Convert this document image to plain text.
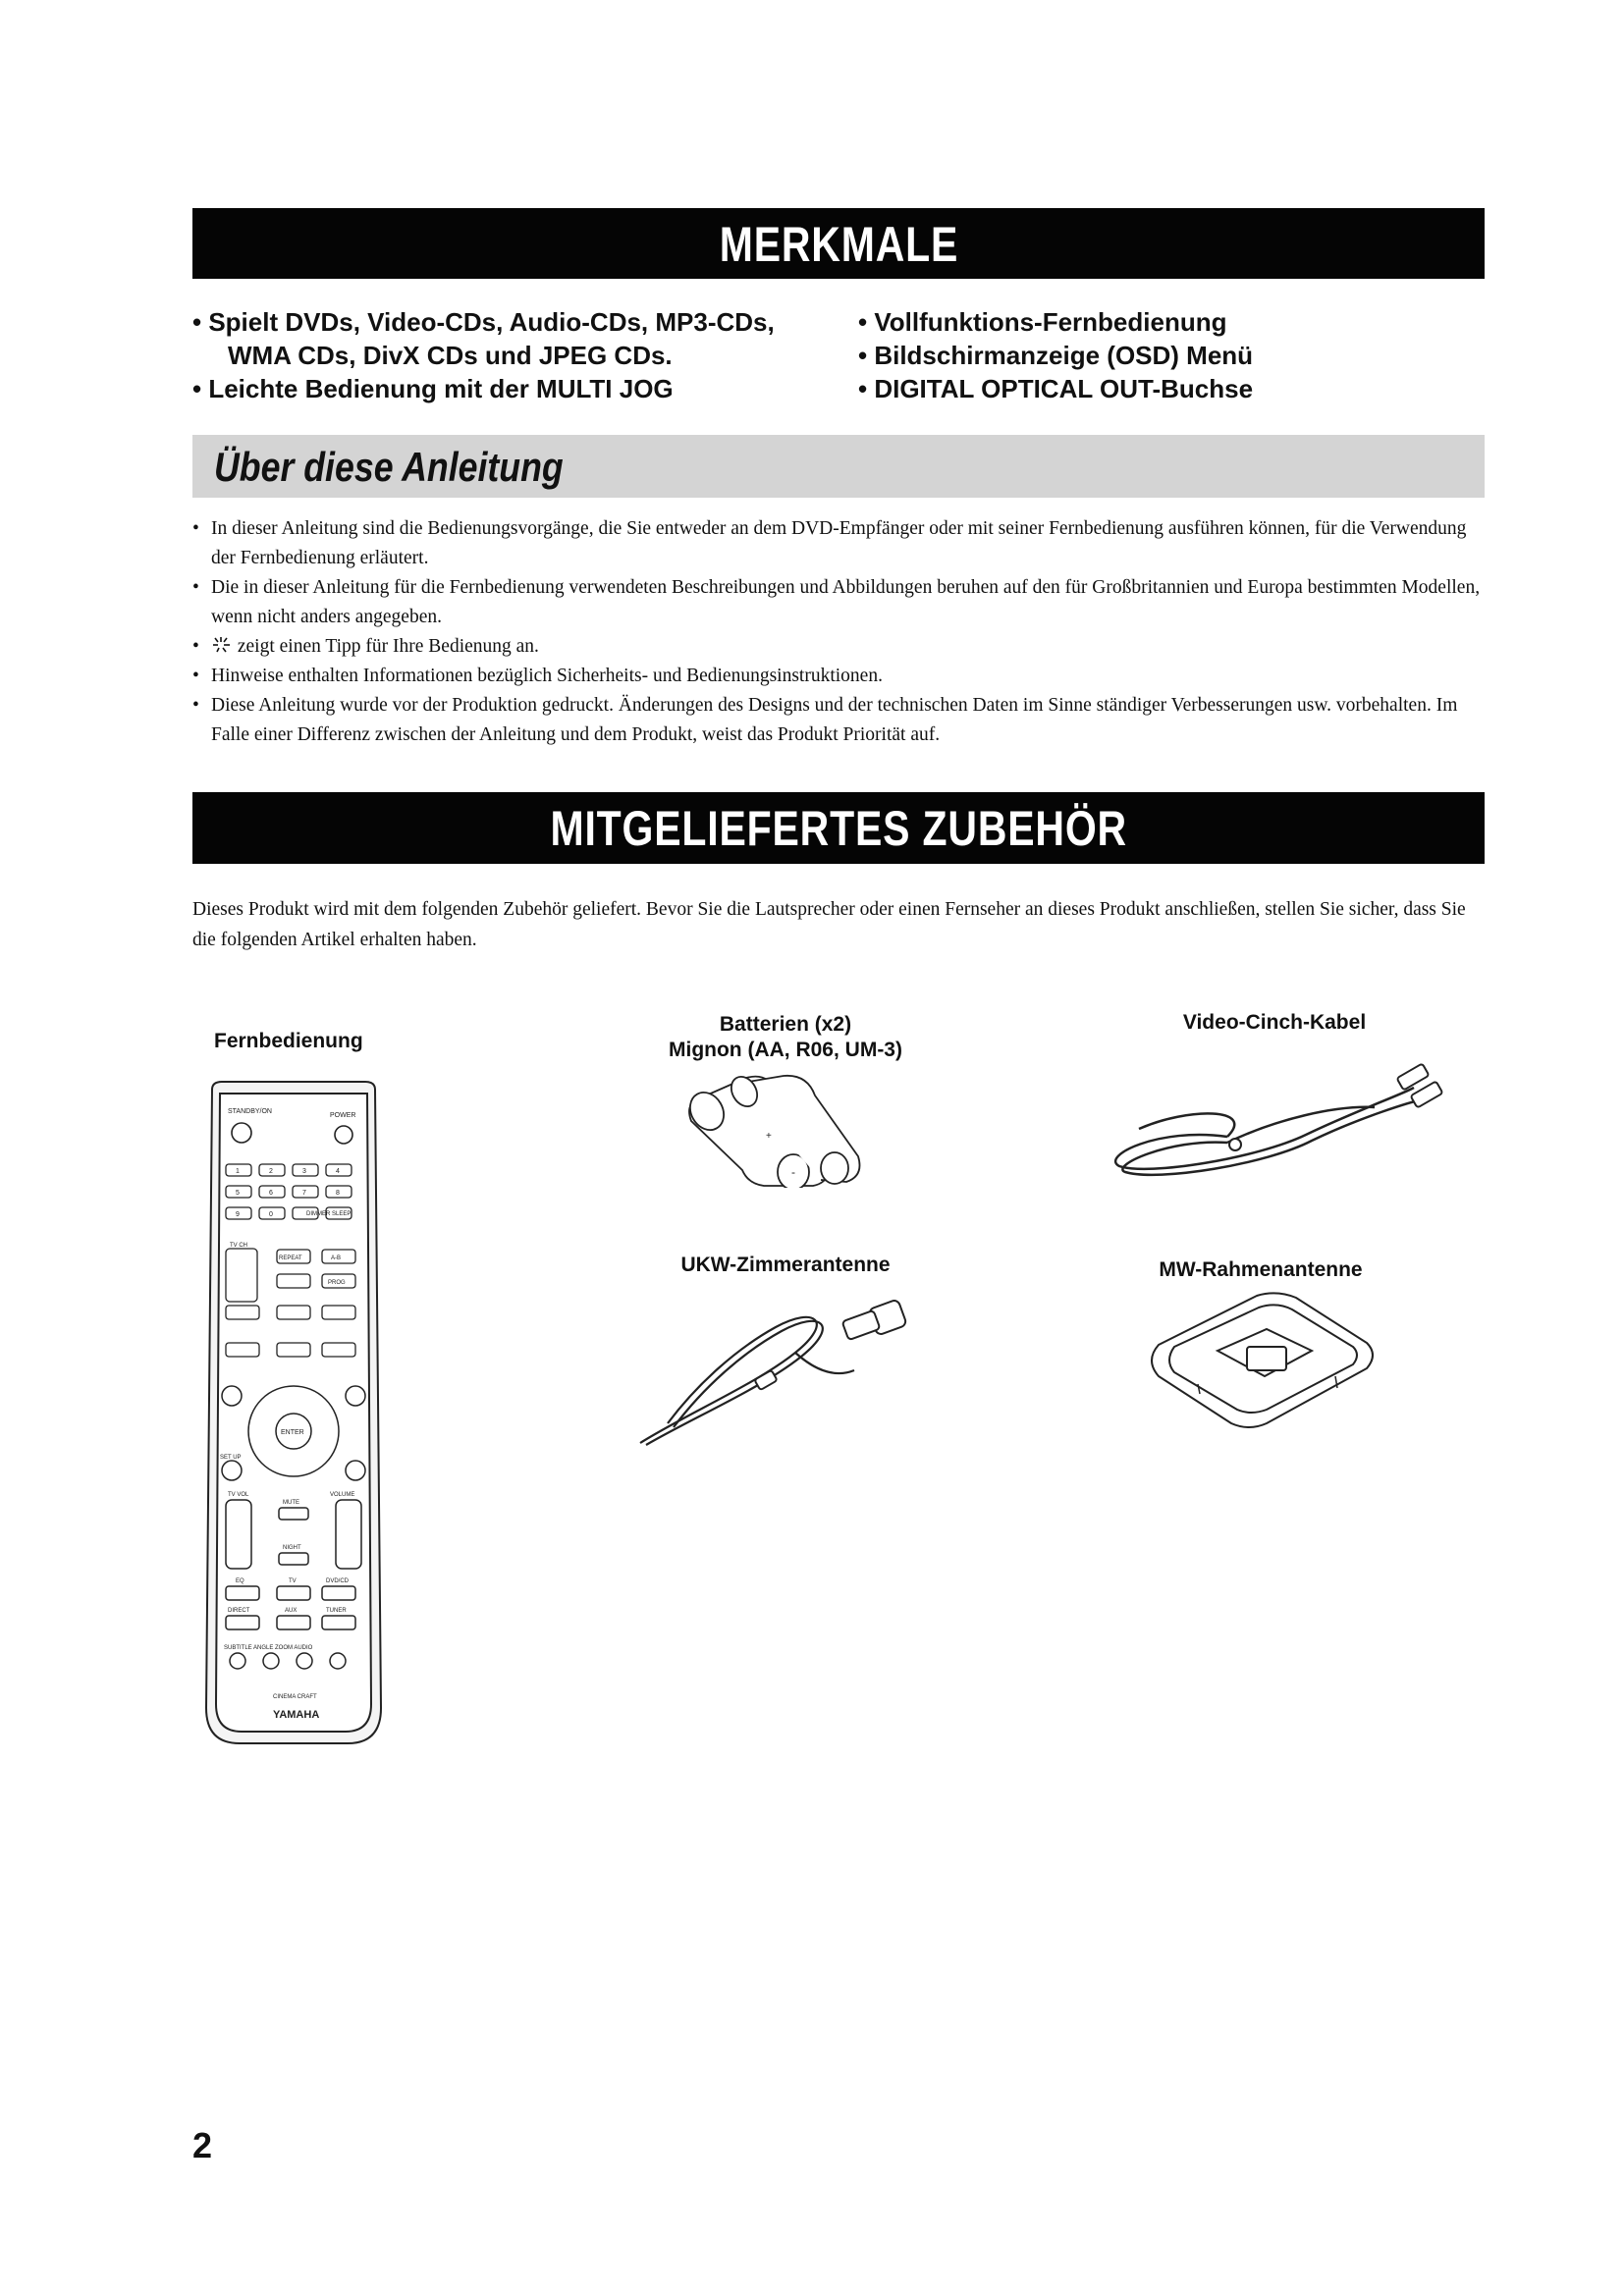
MERKMALE
• Spielt DVDs, Video-CDs, Audio-CDs, MP3-CDs,
WMA CDs, DivX CDs und JPEG CDs.
• Leichte Bedienung mit der MULTI JOG
• Vollfunktions-Fernbedienung
• Bildschirmanzeige (OSD) Menü
• DIGITAL OPTICAL OUT-Buchse
Über diese Anleitung
• In dieser Anleitung sind die Bedienungsvorgänge, die Sie entweder an dem DVD-Empfänger oder mit seiner Fernbedienung ausführen können, für die Verwendung der Fernbedienung erläutert.
• Die in dieser Anleitung für die Fernbedienung verwendeten Beschreibungen und Abbildungen beruhen auf den für Großbritannien und Europa bestimmten Modellen, wenn nicht anders angegeben.
• zeigt einen Tipp für Ihre Bedienung an.
• Hinweise enthalten Informationen bezüglich Sicherheits- und Bedienungsinstruktionen.
• Diese Anleitung wurde vor der Produktion gedruckt. Änderungen des Designs und der technischen Daten im Sinne ständiger Verbesserungen usw. vorbehalten. Im Falle einer Differenz zwischen der Anleitung und dem Produkt, weist das Produkt Priorität auf.
MITGELIEFERTES ZUBEHÖR
Dieses Produkt wird mit dem folgenden Zubehör geliefert. Bevor Sie die Lautsprecher oder einen Fernseher an dieses Produkt anschließen, stellen Sie sicher, dass Sie die folgenden Artikel erhalten haben.
Fernbedienung
Batterien (x2)
Mignon (AA, R06, UM-3)
Video-Cinch-Kabel
UKW-Zimmerantenne	MW-Rahmenantenne
STANDBY/ON
POWER
1	2	3	4
5	6	7	8
9	0	DIMMER SLEEP
REPEAT	A-B
TV CH
PROG
ENTER
SET UP
TV VOL	VOLUME
MUTE
NIGHT
EQ	TV	DVD/CD
DIRECT	AUX	TUNER
SUBTITLE ANGLE ZOOM AUDIO
CINEMA CRAFT
YAMAHA
+
-
2
